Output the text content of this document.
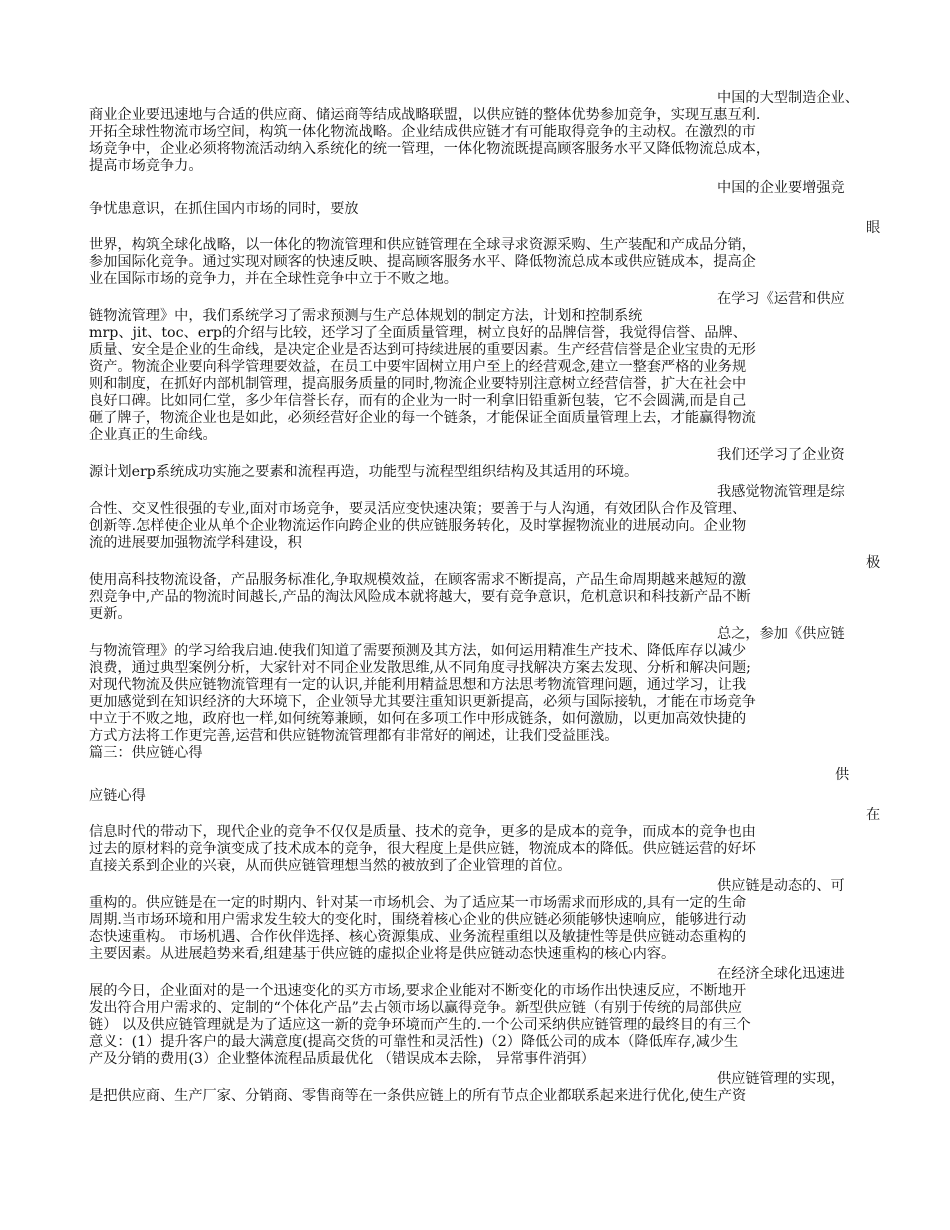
中国的大型制造企业、
商业企业要迅速地与合适的供应商、储运商等结成战略联盟，以供应链的整体优势参加竞争，实现互惠互利.
开拓全球性物流市场空间，构筑一体化物流战略。企业结成供应链才有可能取得竞争的主动权。在激烈的市
场竞争中，企业必须将物流活动纳入系统化的统一管理，一体化物流既提高顾客服务水平又降低物流总成本，
提高市场竞争力。
中国的企业要增强竞
争忧患意识，在抓住国内市场的同时，要放
眼
世界，构筑全球化战略，以一体化的物流管理和供应链管理在全球寻求资源采购、生产装配和产成品分销，
参加国际化竞争。通过实现对顾客的快速反映、提高顾客服务水平、降低物流总成本或供应链成本，提高企
业在国际市场的竞争力，并在全球性竞争中立于不败之地。
在学习《运营和供应
链物流管理》中，我们系统学习了需求预测与生产总体规划的制定方法，计划和控制系统
mrp、jit、toc、erp的介绍与比较，还学习了全面质量管理，树立良好的品牌信誉，我觉得信誉、品牌、
质量、安全是企业的生命线，是决定企业是否达到可持续进展的重要因素。生产经营信誉是企业宝贵的无形
资产。物流企业要向科学管理要效益，在员工中要牢固树立用户至上的经营观念,建立一整套严格的业务规
则和制度，在抓好内部机制管理，提高服务质量的同时,物流企业要特别注意树立经营信誉，扩大在社会中
良好口碑。比如同仁堂，多少年信誉长存，而有的企业为一时一利拿旧铅重新包装，它不会圆满,而是自己
砸了牌子，物流企业也是如此，必须经营好企业的每一个链条，才能保证全面质量管理上去，才能赢得物流
企业真正的生命线。
我们还学习了企业资
源计划erp系统成功实施之要素和流程再造，功能型与流程型组织结构及其适用的环境。
我感觉物流管理是综
合性、交叉性很强的专业,面对市场竞争，要灵活应变快速决策；要善于与人沟通，有效团队合作及管理、
创新等.怎样使企业从单个企业物流运作向跨企业的供应链服务转化，及时掌握物流业的进展动向。企业物
流的进展要加强物流学科建设，积
极
使用高科技物流设备，产品服务标准化,争取规模效益，在顾客需求不断提高，产品生命周期越来越短的激
烈竞争中,产品的物流时间越长,产品的淘汰风险成本就将越大，要有竞争意识，危机意识和科技新产品不断
更新。
总之，参加《供应链
与物流管理》的学习给我启迪.使我们知道了需要预测及其方法，如何运用精准生产技术、降低库存以减少
浪费，通过典型案例分析，大家针对不同企业发散思维,从不同角度寻找解决方案去发现、分析和解决问题;
对现代物流及供应链物流管理有一定的认识,并能利用精益思想和方法思考物流管理问题，通过学习，让我
更加感觉到在知识经济的大环境下，企业领导尤其要注重知识更新提高，必须与国际接轨，才能在市场竞争
中立于不败之地，政府也一样,如何统筹兼顾，如何在多项工作中形成链条，如何激励，以更加高效快捷的
方式方法将工作更完善,运营和供应链物流管理都有非常好的阐述，让我们受益匪浅。
篇三：供应链心得
供
应链心得
在
信息时代的带动下，现代企业的竞争不仅仅是质量、技术的竞争，更多的是成本的竞争，而成本的竞争也由
过去的原材料的竞争演变成了技术成本的竞争，很大程度上是供应链，物流成本的降低。供应链运营的好坏
直接关系到企业的兴衰，从而供应链管理想当然的被放到了企业管理的首位。
供应链是动态的、可
重构的。供应链是在一定的时期内、针对某一市场机会、为了适应某一市场需求而形成的,具有一定的生命
周期.当市场环境和用户需求发生较大的变化时，围绕着核心企业的供应链必须能够快速响应，能够进行动
态快速重构。 市场机遇、合作伙伴选择、核心资源集成、业务流程重组以及敏捷性等是供应链动态重构的
主要因素。从进展趋势来看,组建基于供应链的虚拟企业将是供应链动态快速重构的核心内容。
在经济全球化迅速进
展的今日，企业面对的是一个迅速变化的买方市场,要求企业能对不断变化的市场作出快速反应，不断地开
发出符合用户需求的、定制的“个体化产品”去占领市场以赢得竞争。新型供应链（有别于传统的局部供应
链） 以及供应链管理就是为了适应这一新的竞争环境而产生的.一个公司采纳供应链管理的最终目的有三个
意义：(1）提升客户的最大满意度(提高交货的可靠性和灵活性)（2）降低公司的成本（降低库存,减少生
产及分销的费用(3）企业整体流程品质最优化 （错误成本去除， 异常事件消弭）
供应链管理的实现，
是把供应商、生产厂家、分销商、零售商等在一条供应链上的所有节点企业都联系起来进行优化,使生产资
